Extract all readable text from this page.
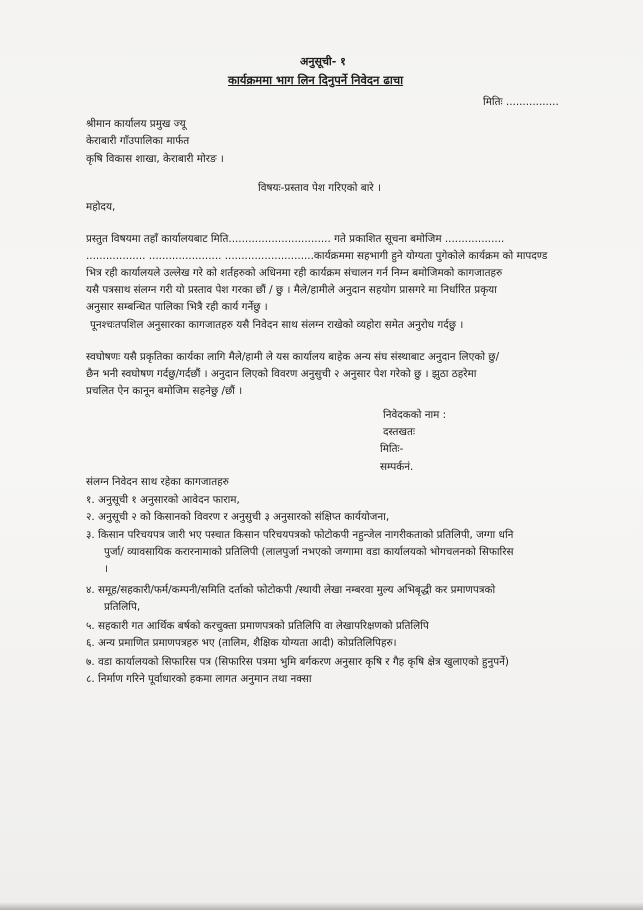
अनुसूची- १
कार्यक्रममा भाग लिन दिनुपर्ने निवेदन ढाचा
मितिः ................
श्रीमान कार्यालय प्रमुख ज्यू
केराबारी गाँउपालिका मार्फत
कृषि विकास शाखा, केराबारी मोरङ ।
विषयः-प्रस्ताव पेश गरिएको बारे ।
महोदय,
प्रस्तुत विषयमा तहाँ कार्यालयबाट मिति............................... गते प्रकाशित सूचना बमोजिम ..................
.................. ...................... ...........................कार्यक्रममा सहभागी हुने योग्यता पुगेकोले कार्यक्रम को मापदण्ड
भित्र रही कार्यालयले उल्लेख गरे को शर्तहरुको अधिनमा रही कार्यक्रम संचालन गर्न निम्न बमोजिमको कागजातहरु
यसै पत्रसाथ संलग्न गरी यो प्रस्ताव पेश गरका छौं / छु । मैले/हामीले अनुदान सहयोग प्रासगरे मा निर्धारित प्रकृया
अनुसार सम्बन्धित पालिका भित्रै रही कार्य गर्नेछु ।
पूनश्चःतपशिल अनुसारका कागजातहरु यसै निवेदन साथ संलग्न राखेको व्यहोरा समेत अनुरोध गर्दछु ।
स्वघोषणः यसै प्रकृतिका कार्यका लागि मैले/हामी ले यस कार्यालय बाहेक अन्य संघ संस्थाबाट अनुदान लिएको छु/
छैन भनी स्वघोषण गर्दछु/गर्दछौं । अनुदान लिएको विवरण अनुसुची २ अनुसार पेश गरेको छु । झुठा ठहरेमा
प्रचलित ऐन कानून बमोजिम सहनेछु /छौं ।
निवेदकको नाम :
दस्तखतः
मितिः-
सम्पर्कनं.
संलग्न निवेदन साथ रहेका कागजातहरु
१. अनुसूची १ अनुसारको आवेदन फाराम,
२. अनुसूची २ को किसानको विवरण र अनुसुची ३ अनुसारको संक्षिप्त कार्ययोजना,
३. किसान परिचयपत्र जारी भए पस्चात किसान परिचयपत्रको फोटोकपी नहुन्जेल नागरीकताको प्रतिलिपी, जग्गा धनि
पुर्जा/ व्यावसायिक करारनामाको प्रतिलिपी (लालपुर्जा नभएको जग्गामा वडा कार्यालयको भोगचलनको सिफारिस
।
४. समूह/सहकारी/फर्म/कम्पनी/समिति दर्ताको फोटोकपी /स्थायी लेखा नम्बरवा मुल्य अभिबृद्धी कर प्रमाणपत्रको
प्रतिलिपि,
५. सहकारी गत आर्थिक बर्षको करचुक्ता प्रमाणपत्रको प्रतिलिपि वा लेखापरिक्षणको प्रतिलिपि
६. अन्य प्रमाणित प्रमाणपत्रहरु भए (तालिम, शैक्षिक योग्यता आदी) कोप्रतिलिपिहरु।
७. वडा कार्यालयको सिफारिस पत्र (सिफारिस पत्रमा भुमि बर्गकरण अनुसार कृषि र गैह कृषि क्षेत्र खुलाएको हुनुपर्ने)
८. निर्माण गरिने पूर्वाधारको हकमा लागत अनुमान तथा नक्सा
